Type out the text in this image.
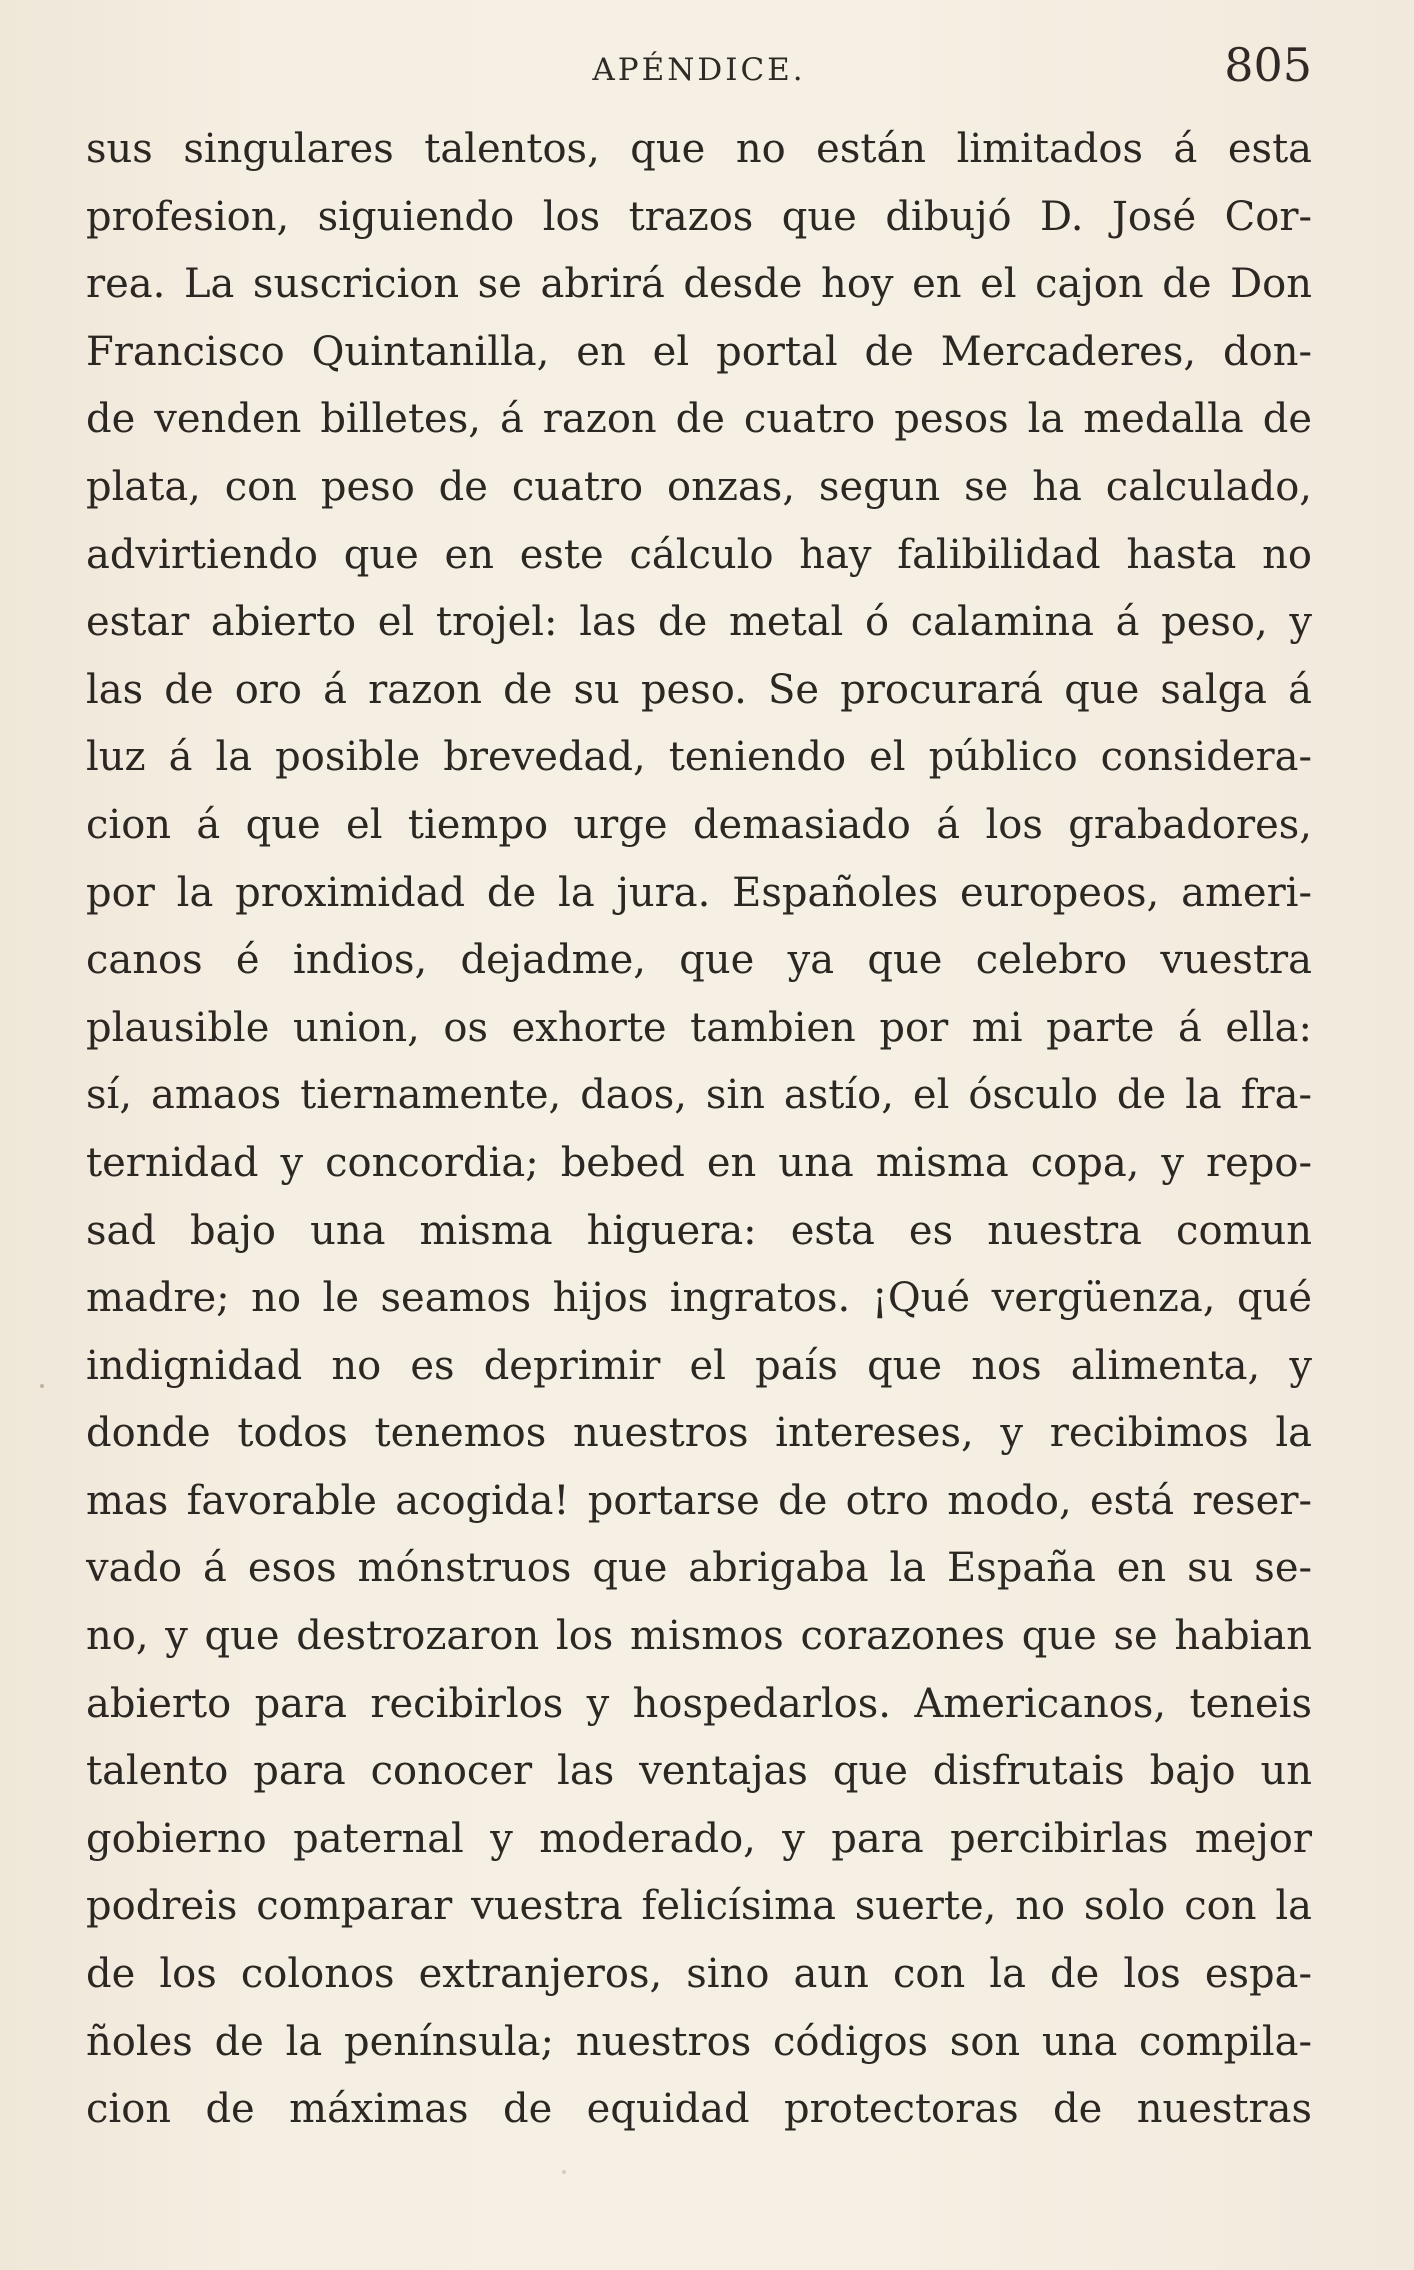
APÉNDICE.	805
sus singulares talentos, que no están limitados á esta
profesion, siguiendo los trazos que dibujó D. José Cor-
rea. La suscricion se abrirá desde hoy en el cajon de Don
Francisco Quintanilla, en el portal de Mercaderes, don-
de venden billetes, á razon de cuatro pesos la medalla de
plata, con peso de cuatro onzas, segun se ha calculado,
advirtiendo que en este cálculo hay falibilidad hasta no
estar abierto el trojel: las de metal ó calamina á peso, y
las de oro á razon de su peso. Se procurará que salga á
luz á la posible brevedad, teniendo el público considera-
cion á que el tiempo urge demasiado á los grabadores,
por la proximidad de la jura. Españoles europeos, ameri-
canos é indios, dejadme, que ya que celebro vuestra
plausible union, os exhorte tambien por mi parte á ella:
sí, amaos tiernamente, daos, sin astío, el ósculo de la fra-
ternidad y concordia; bebed en una misma copa, y repo-
sad bajo una misma higuera: esta es nuestra comun
madre; no le seamos hijos ingratos. ¡Qué vergüenza, qué
indignidad no es deprimir el país que nos alimenta, y
donde todos tenemos nuestros intereses, y recibimos la
mas favorable acogida! portarse de otro modo, está reser-
vado á esos mónstruos que abrigaba la España en su se-
no, y que destrozaron los mismos corazones que se habian
abierto para recibirlos y hospedarlos. Americanos, teneis
talento para conocer las ventajas que disfrutais bajo un
gobierno paternal y moderado, y para percibirlas mejor
podreis comparar vuestra felicísima suerte, no solo con la
de los colonos extranjeros, sino aun con la de los espa-
ñoles de la península; nuestros códigos son una compila-
cion de máximas de equidad protectoras de nuestras
